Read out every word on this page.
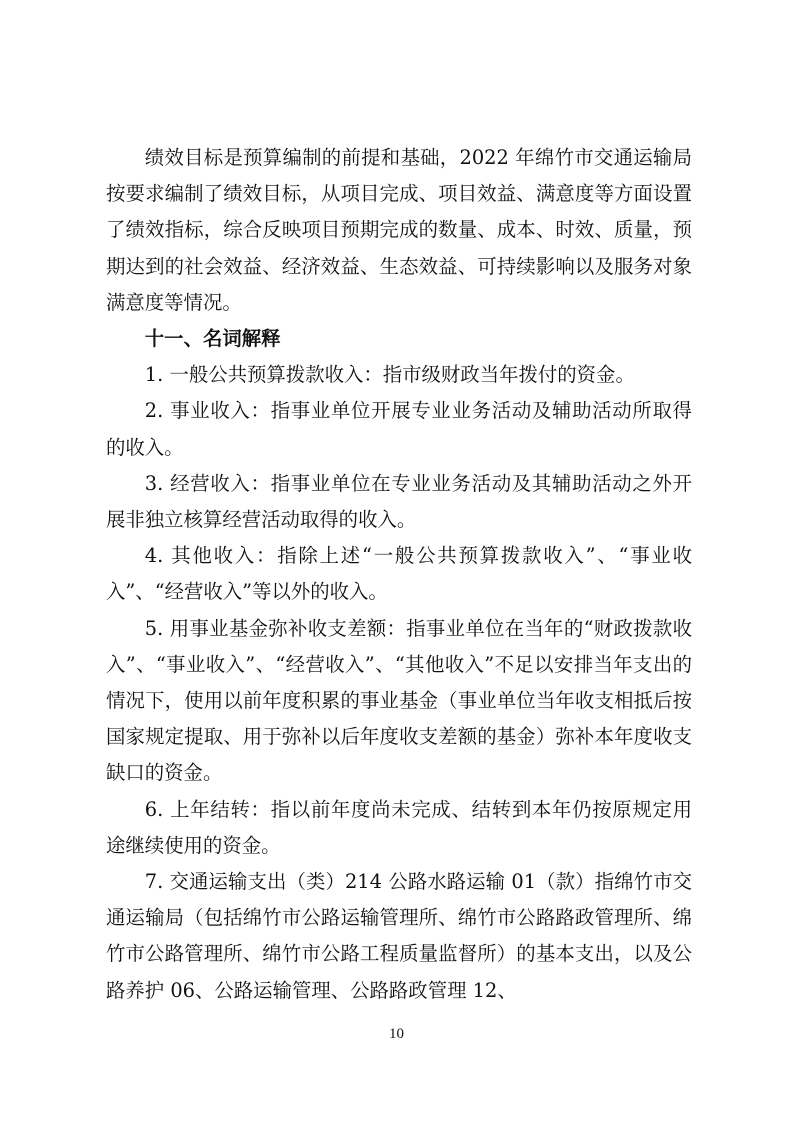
绩效目标是预算编制的前提和基础，2022 年绵竹市交通运输局按要求编制了绩效目标，从项目完成、项目效益、满意度等方面设置了绩效指标，综合反映项目预期完成的数量、成本、时效、质量，预期达到的社会效益、经济效益、生态效益、可持续影响以及服务对象满意度等情况。

十一、名词解释

1. 一般公共预算拨款收入：指市级财政当年拨付的资金。

2. 事业收入：指事业单位开展专业业务活动及辅助活动所取得的收入。

3. 经营收入：指事业单位在专业业务活动及其辅助活动之外开展非独立核算经营活动取得的收入。

4. 其他收入：指除上述“一般公共预算拨款收入”、“事业收入”、“经营收入”等以外的收入。

5. 用事业基金弥补收支差额：指事业单位在当年的“财政拨款收入”、“事业收入”、“经营收入”、“其他收入”不足以安排当年支出的情况下，使用以前年度积累的事业基金（事业单位当年收支相抵后按国家规定提取、用于弥补以后年度收支差额的基金）弥补本年度收支缺口的资金。

6. 上年结转：指以前年度尚未完成、结转到本年仍按原规定用途继续使用的资金。

7. 交通运输支出（类）214 公路水路运输 01（款）指绵竹市交通运输局（包括绵竹市公路运输管理所、绵竹市公路路政管理所、绵竹市公路管理所、绵竹市公路工程质量监督所）的基本支出，以及公路养护 06、公路运输管理、公路路政管理 12、

10
